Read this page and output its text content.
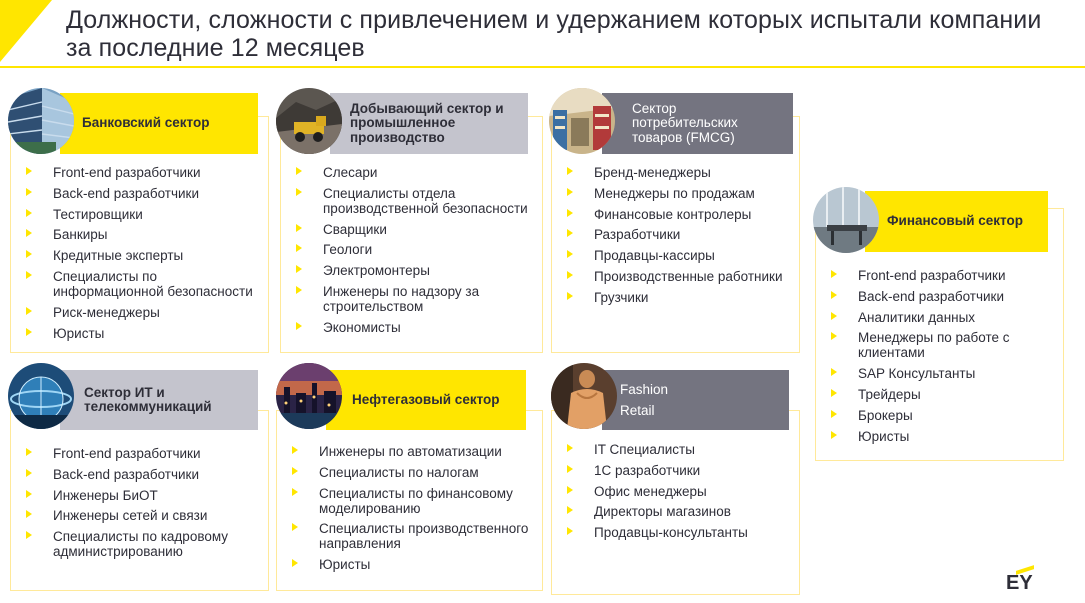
Должности, сложности с привлечением и удержанием которых испытали компании за последние 12 месяцев
Front-end разработчики
Back-end разработчики
Тестировщики
Банкиры
Кредитные эксперты
Специалисты по информационной безопасности
Риск-менеджеры
Юристы
Банковский сектор
Слесари
Специалисты отдела производственной безопасности
Сварщики
Геологи
Электромонтеры
Инженеры по надзору за строительством
Экономисты
Добывающий сектор и промышленное производство
Бренд-менеджеры
Менеджеры по продажам
Финансовые контролеры
Разработчики
Продавцы-кассиры
Производственные работники
Грузчики
Сектор потребительских товаров (FMCG)
Front-end разработчики
Back-end разработчики
Аналитики данных
Менеджеры по работе с клиентами
SAP Консультанты
Трейдеры
Брокеры
Юристы
Финансовый сектор
Front-end разработчики
Back-end разработчики
Инженеры БиОТ
Инженеры сетей и связи
Специалисты по кадровому администрированию
Сектор ИТ и телекоммуникаций
Инженеры по автоматизации
Специалисты по налогам
Специалисты по финансовому моделированию
Специалисты производственного направления
Юристы
Нефтегазовый сектор
IT Специалисты
1С разработчики
Офис менеджеры
Директоры магазинов
Продавцы-консультанты
Fashion
Retail
EY
